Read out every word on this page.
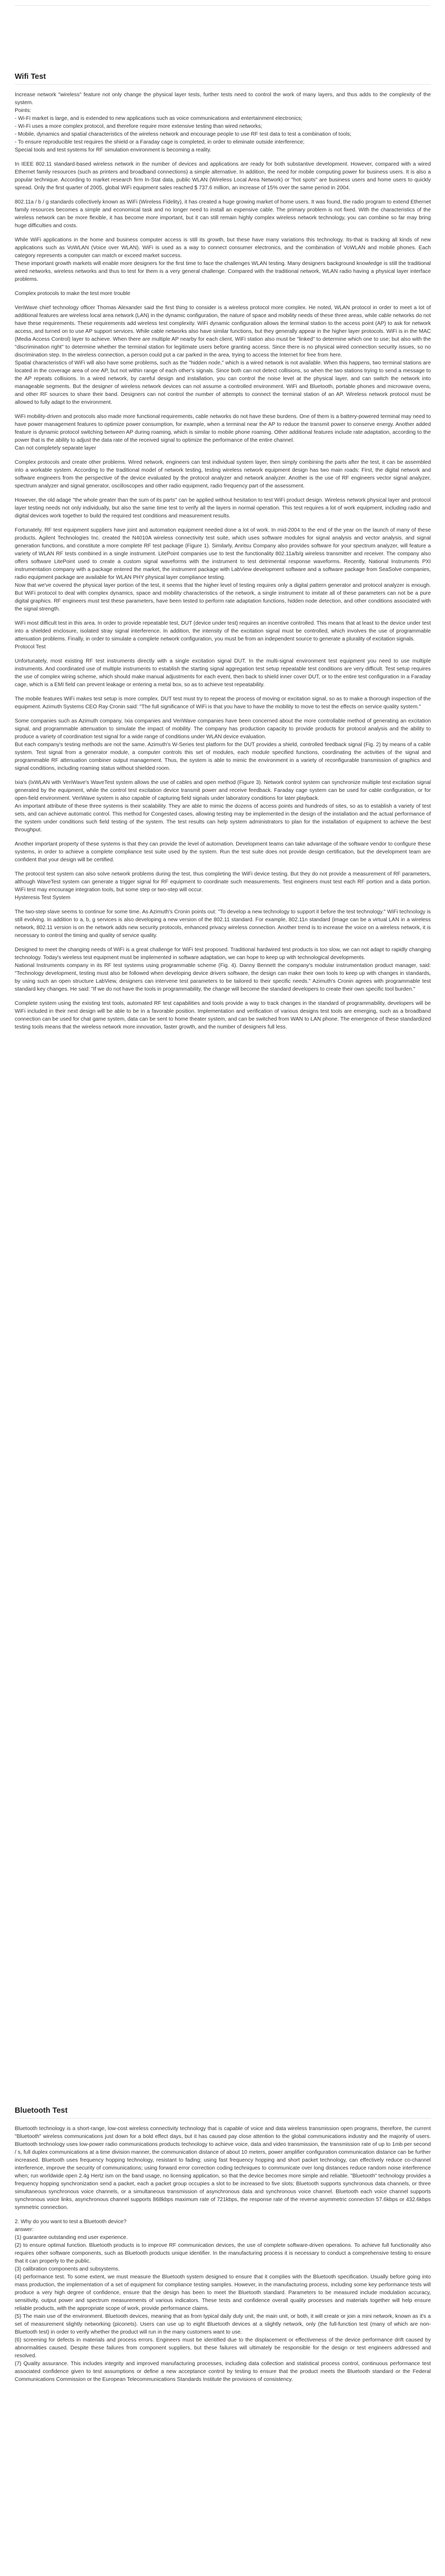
Wifi Test
Increase network "wireless" feature not only change the physical layer tests, further tests need to control the work of many layers, and thus adds to the complexity of the system.
Points:
- Wi-Fi market is large, and is extended to new applications such as voice communications and entertainment electronics;
- Wi-Fi uses a more complex protocol, and therefore require more extensive testing than wired networks;
- Mobile, dynamics and spatial characteristics of the wireless network and encourage people to use RF test data to test a combination of tools;
- To ensure reproducible test requires the shield or a Faraday cage is completed, in order to eliminate outside interference;
Special tools and test systems for RF simulation environment is becoming a reality.
In IEEE 802.11 standard-based wireless network in the number of devices and applications are ready for both substantive development. However, compared with a wired Ethernet family resources (such as printers and broadband connections) a simple alternative. In addition, the need for mobile computing power for business users. It is also a popular technique. According to market research firm In-Stat data, public WLAN (Wireless Local Area Network) or "hot spots" are business users and home users to quickly spread. Only the first quarter of 2005, global WiFi equipment sales reached $ 737.6 million, an increase of 15% over the same period in 2004.
802.11a / b / g standards collectively known as WiFi (Wireless Fidelity), it has created a huge growing market of home users. It was found, the radio program to extend Ethernet family resources becomes a simple and economical task and no longer need to install an expensive cable. The primary problem is not fixed. With the characteristics of the wireless network can be more flexible, it has become more important, but it can still remain highly complex wireless network technology, you can combine so far may bring huge difficulties and costs.
While WiFi applications in the home and business computer access is still its growth, but these have many variations this technology. Its-that is tracking all kinds of new applications such as VoWLAN (Voice over WLAN). WiFi is used as a way to connect consumer electronics, and the combination of VoWLAN and mobile phones. Each category represents a computer can match or exceed market success.
These important growth markets will enable more designers for the first time to face the challenges WLAN testing. Many designers background knowledge is still the traditional wired networks, wireless networks and thus to test for them is a very general challenge. Compared with the traditional network, WLAN radio having a physical layer interface problems.
Complex protocols to make the test more trouble
VeriWave chief technology officer Thomas Alexander said the first thing to consider is a wireless protocol more complex. He noted, WLAN protocol in order to meet a lot of additional features are wireless local area network (LAN) in the dynamic configuration, the nature of space and mobility needs of these three areas, while cable networks do not have these requirements. These requirements add wireless test complexity. WiFi dynamic configuration allows the terminal station to the access point (AP) to ask for network access, and turned on to use AP support services. While cable networks also have similar functions, but they generally appear in the higher layer protocols. WiFi is in the MAC (Media Access Control) layer to achieve. When there are multiple AP nearby for each client, WiFi station also must be "linked" to determine which one to use; but also with the "discrimination right" to determine whether the terminal station for legitimate users before granting access. Since there is no physical wired connection security issues, so no discrimination step. In the wireless connection, a person could put a car parked in the area, trying to access the Internet for free from here.
Spatial characteristics of WiFi will also have some problems, such as the "hidden node," which is a wired network is not available. When this happens, two terminal stations are located in the coverage area of one AP, but not within range of each other's signals. Since both can not detect collisions, so when the two stations trying to send a message to the AP repeats collisions. In a wired network, by careful design and installation, you can control the noise level at the physical layer, and can switch the network into manageable segments. But the designer of wireless network devices can not assume a controlled environment. WiFi and Bluetooth, portable phones and microwave ovens, and other RF sources to share their band. Designers can not control the number of attempts to connect the terminal station of an AP. Wireless network protocol must be allowed to fully adapt to the environment.
WiFi mobility-driven and protocols also made more functional requirements, cable networks do not have these burdens. One of them is a battery-powered terminal may need to have power management features to optimize power consumption, for example, when a terminal near the AP to reduce the transmit power to conserve energy. Another added feature is dynamic protocol switching between AP during roaming, which is similar to mobile phone roaming. Other additional features include rate adaptation, according to the power that is the ability to adjust the data rate of the received signal to optimize the performance of the entire channel.
Can not completely separate layer
Complex protocols and create other problems. Wired network, engineers can test individual system layer, then simply combining the parts after the test, it can be assembled into a workable system. According to the traditional model of network testing, testing wireless network equipment design has two main roads: First, the digital network and software engineers from the perspective of the device evaluated by the protocol analyzer and network analyzer. Another is the use of RF engineers vector signal analyzer, spectrum analyzer and signal generator, oscilloscopes and other radio equipment, radio frequency part of the assessment.
However, the old adage "the whole greater than the sum of its parts" can be applied without hesitation to test WiFi product design. Wireless network physical layer and protocol layer testing needs not only individually, but also the same time test to verify all the layers in normal operation. This test requires a lot of work equipment, including radio and digital devices work together to build the required test conditions and measurement results.
Fortunately, RF test equipment suppliers have joint and automation equipment needed done a lot of work. In mid-2004 to the end of the year on the launch of many of these products. Agilent Technologies Inc. created the N4010A wireless connectivity test suite, which uses software modules for signal analysis and vector analysis, and signal generation functions, and constitute a more complete RF test package (Figure 1). Similarly, Anritsu Company also provides software for your spectrum analyzer, will feature a variety of WLAN RF tests combined in a single instrument. LitePoint companies use to test the functionality 802.11a/b/g wireless transmitter and receiver. The company also offers software LitePoint used to create a custom signal waveforms with the instrument to test detrimental response waveforms. Recently, National Instruments PXI instrumentation company with a package entered the market, the instrument package with LabView development software and a software package from SeaSolve companies, radio equipment package are available for WLAN PHY physical layer compliance testing.
Now that we've covered the physical layer portion of the test, it seems that the higher level of testing requires only a digital pattern generator and protocol analyzer is enough. But WiFi protocol to deal with complex dynamics, space and mobility characteristics of the network, a single instrument to imitate all of these parameters can not be a pure digital graphics. RF engineers must test these parameters, have been tested to perform rate adaptation functions, hidden node detection, and other conditions associated with the signal strength.
WiFi most difficult test in this area. In order to provide repeatable test, DUT (device under test) requires an incentive controlled. This means that at least to the device under test into a shielded enclosure, isolated stray signal interference. In addition, the intensity of the excitation signal must be controlled, which involves the use of programmable attenuation problems. Finally, in order to simulate a complete network configuration, you must be from an independent source to generate a plurality of excitation signals.
Protocol Test
Unfortunately, most existing RF test instruments directly with a single excitation signal DUT. In the multi-signal environment test equipment you need to use multiple instruments. And coordinated use of multiple instruments to establish the starting signal aggregation test setup repeatable test conditions are very difficult. Test setup requires the use of complex wiring scheme, which should make manual adjustments for each event, then back to shield inner cover DUT, or to the entire test configuration in a Faraday cage, which is a EMI field can prevent leakage or entering a metal box, so as to achieve test repeatability.
The mobile features WiFi makes test setup is more complex. DUT test must try to repeat the process of moving or excitation signal, so as to make a thorough inspection of the equipment. Azimuth Systems CEO Ray Cronin said: "The full significance of WiFi is that you have to have the mobility to move to test the effects on service quality system."
Some companies such as Azimuth company, Ixia companies and VeriWave companies have been concerned about the more controllable method of generating an excitation signal, and programmable attenuation to simulate the impact of mobility. The company has production capacity to provide products for protocol analysis and the ability to produce a variety of coordination test signal for a wide range of conditions under WLAN device evaluation.
But each company's testing methods are not the same. Azimuth's W-Series test platform for the DUT provides a shield, controlled feedback signal (Fig. 2) by means of a cable system. Test signal from a generator module, a computer controls this set of modules, each module specified functions, coordinating the activities of the signal and programmable RF attenuation combiner output management. Thus, the system is able to mimic the environment in a variety of reconfigurable transmission of graphics and signal conditions, including roaming status without shielded room.
Ixia's (IxWLAN with VeriWave's WaveTest system allows the use of cables and open method (Figure 3). Network control system can synchronize multiple test excitation signal generated by the equipment, while the control test excitation device transmit power and receive feedback. Faraday cage system can be used for cable configuration, or for open-field environment. VeriWave system is also capable of capturing field signals under laboratory conditions for later playback.
An important attribute of these three systems is their scalability. They are able to mimic the dozens of access points and hundreds of sites, so as to establish a variety of test sets, and can achieve automatic control. This method for Congested cases, allowing testing may be implemented in the design of the installation and the actual performance of the system under conditions such field testing of the system. The test results can help system administrators to plan for the installation of equipment to achieve the best throughput.
Another important property of these systems is that they can provide the level of automation. Development teams can take advantage of the software vendor to configure these systems, in order to achieve a complete compliance test suite used by the system. Run the test suite does not provide design certification, but the development team are confident that your design will be certified.
The protocol test system can also solve network problems during the test, thus completing the WiFi device testing. But they do not provide a measurement of RF parameters, although WaveTest system can generate a trigger signal for RF equipment to coordinate such measurements. Test engineers must test each RF portion and a data portion. WiFi test may encourage integration tools, but some step or two-step will occur.
Hysteresis Test System
The two-step slave seems to continue for some time. As Azimuth's Cronin points out: "To develop a new technology to support it before the test technology." WiFi technology is still evolving. In addition to a, b, g services is also developing a new version of the 802.11 standard. For example, 802.11n standard (image can be a virtual LAN in a wireless network, 802.11 version is on the network adds new security protocols, enhanced privacy wireless connection. Another trend is to increase the voice on a wireless network, it is necessary to control the timing and quality of service quality.
Designed to meet the changing needs of WiFi is a great challenge for WiFi test proposed. Traditional hardwired test products is too slow, we can not adapt to rapidly changing technology. Today's wireless test equipment must be implemented in software adaptation, we can hope to keep up with technological developments.
National Instruments company in its RF test systems using programmable scheme (Fig. 4). Danny Bennett the company's modular instrumentation product manager, said: "Technology development, testing must also be followed when developing device drivers software, the design can make their own tools to keep up with changes in standards, by using such an open structure LabView, designers can intervene test parameters to be tailored to their specific needs." Azimuth's Cronin agrees with programmable test standard key changes. He said: "If we do not have the tools in programmability, the change will become the standard developers to create their own specific tool burden."
Complete system using the existing test tools, automated RF test capabilities and tools provide a way to track changes in the standard of programmability, developers will be WiFi included in their next design will be able to be in a favorable position. Implementation and verification of various designs test tools are emerging, such as a broadband connection can be used for chat game system, data can be sent to home theater system, and can be switched from WAN to LAN phone. The emergence of these standardized testing tools means that the wireless network more innovation, faster growth, and the number of designers full less.
Bluetooth Test
Bluetooth technology is a short-range, low-cost wireless connectivity technology that is capable of voice and data wireless transmission open programs, therefore, the current "Bluetooth" wireless communications just down for a bold effect days, but it has caused pay close attention to the global communications industry and the majority of users. Bluetooth technology uses low-power radio communications products technology to achieve voice, data and video transmission, the transmission rate of up to 1mb per second / s, full duplex communications at a time division manner, the communication distance of about 10 meters, power amplifier configuration communication distance can be further increased. Bluetooth uses frequency hopping technology, resistant to fading; using fast frequency hopping and short packet technology, can effectively reduce co-channel interference, improve the security of communications; using forward error correction coding techniques to communicate over long distances reduce random noise interference when; run worldwide open 2.4g Hertz ism on the band usage, no licensing application, so that the device becomes more simple and reliable. "Bluetooth" technology provides a frequency hopping synchronization send a packet, each a packet group occupies a slot to be increased to five slots; Bluetooth supports synchronous data channels, or three simultaneous synchronous voice channels, or a simultaneous transmission of asynchronous data and synchronous voice channel. Bluetooth each voice channel supports synchronous voice links, asynchronous channel supports 868kbps maximum rate of 721kbps, the response rate of the reverse asymmetric connection 57.6kbps or 432.6kbps symmetric connection.
2. Why do you want to test a Bluetooth device?
answer:
(1) guarantee outstanding end user experience.
(2) to ensure optimal function. Bluetooth products is to improve RF communication devices, the use of complete software-driven operations. To achieve full functionality also requires other software components, such as Bluetooth products unique identifier. In the manufacturing process it is necessary to conduct a comprehensive testing to ensure that it can properly to the public.
(3) calibration components and subsystems.
(4) performance test. To some extent, we must measure the Bluetooth system designed to ensure that it complies with the Bluetooth specification. Usually before going into mass production, the implementation of a set of equipment for compliance testing samples. However, in the manufacturing process, including some key performance tests will produce a very high degree of confidence, ensure that the design has been to meet the Bluetooth standard. Parameters to be measured include modulation accuracy, sensitivity, output power and spectrum measurements of various indicators. These tests and confidence overall quality processes and materials together will help ensure reliable products, with the appropriate scope of work, provide performance claims.
(5) The main use of the environment. Bluetooth devices, meaning that as from typical daily duty unit, the main unit, or both, it will create or join a mini network, known as it's a set of measurement slightly networking (piconets). Users can use up to eight Bluetooth devices at a slightly network, only (the full-function test (many of which are non-Bluetooth test) in order to verify whether the product will run in the many customers want to use.
(6) screening for defects in materials and process errors. Engineers must be identified due to the displacement or effectiveness of the device performance drift caused by abnormalities caused. Despite these failures from component suppliers, but these failures will ultimately be responsible for the design or test engineers addressed and resolved.
(7) Quality assurance. This includes integrity and improved manufacturing processes, including data collection and statistical process control, continuous performance test associated confidence given to test assumptions or define a new acceptance control by testing to ensure that the product meets the Bluetooth standard or the Federal Communications Commission or the European Telecommunications Standards Institute the provisions of consistency.
